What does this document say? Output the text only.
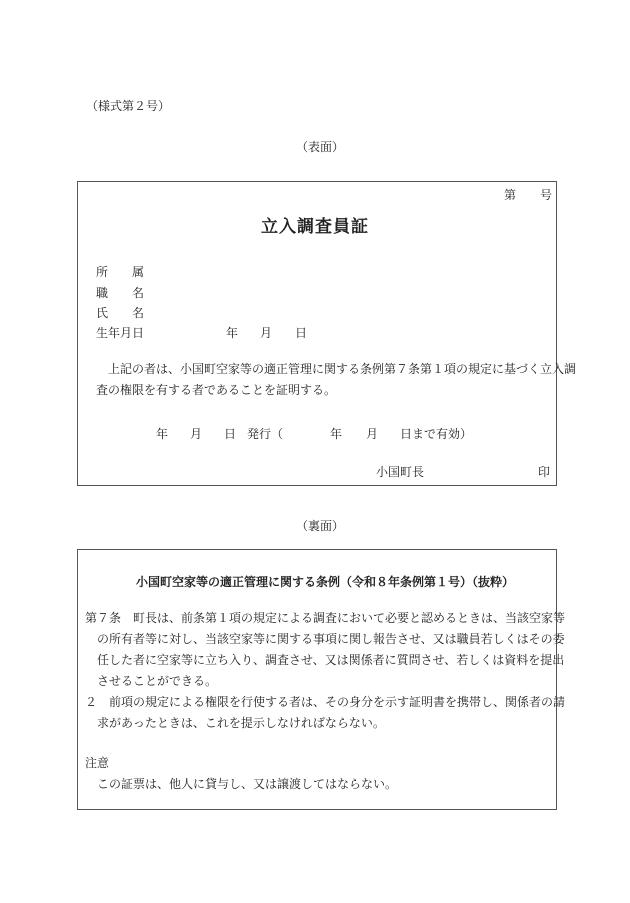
（様式第２号）
（表面）
第 号
立入調査員証
所 属
職 名
氏 名
生年月日	年 月 日
上記の者は、小国町空家等の適正管理に関する条例第７条第１項の規定に基づく立入調
査の権限を有する者であることを証明する。
年 月 日 発行（	年 月 日まで有効）
小国町長	印
（裏面）
小国町空家等の適正管理に関する条例（令和８年条例第１号）（抜粋）
第７条　 町長は、前条第１項の規定による調査において必要と認めるときは、当該空家等
の所有者等に対し、当該空家等に関する事項に関し報告させ、又は職員若しくはその委
任した者に空家等に立ち入り、調査させ、又は関係者に質問させ、若しくは資料を提出
させることができる。
２　 前項の規定による権限を行使する者は、その身分を示す証明書を携帯し、関係者の請
求があったときは、これを提示しなければならない。
注意
この証票は、他人に貸与し、又は譲渡してはならない。
